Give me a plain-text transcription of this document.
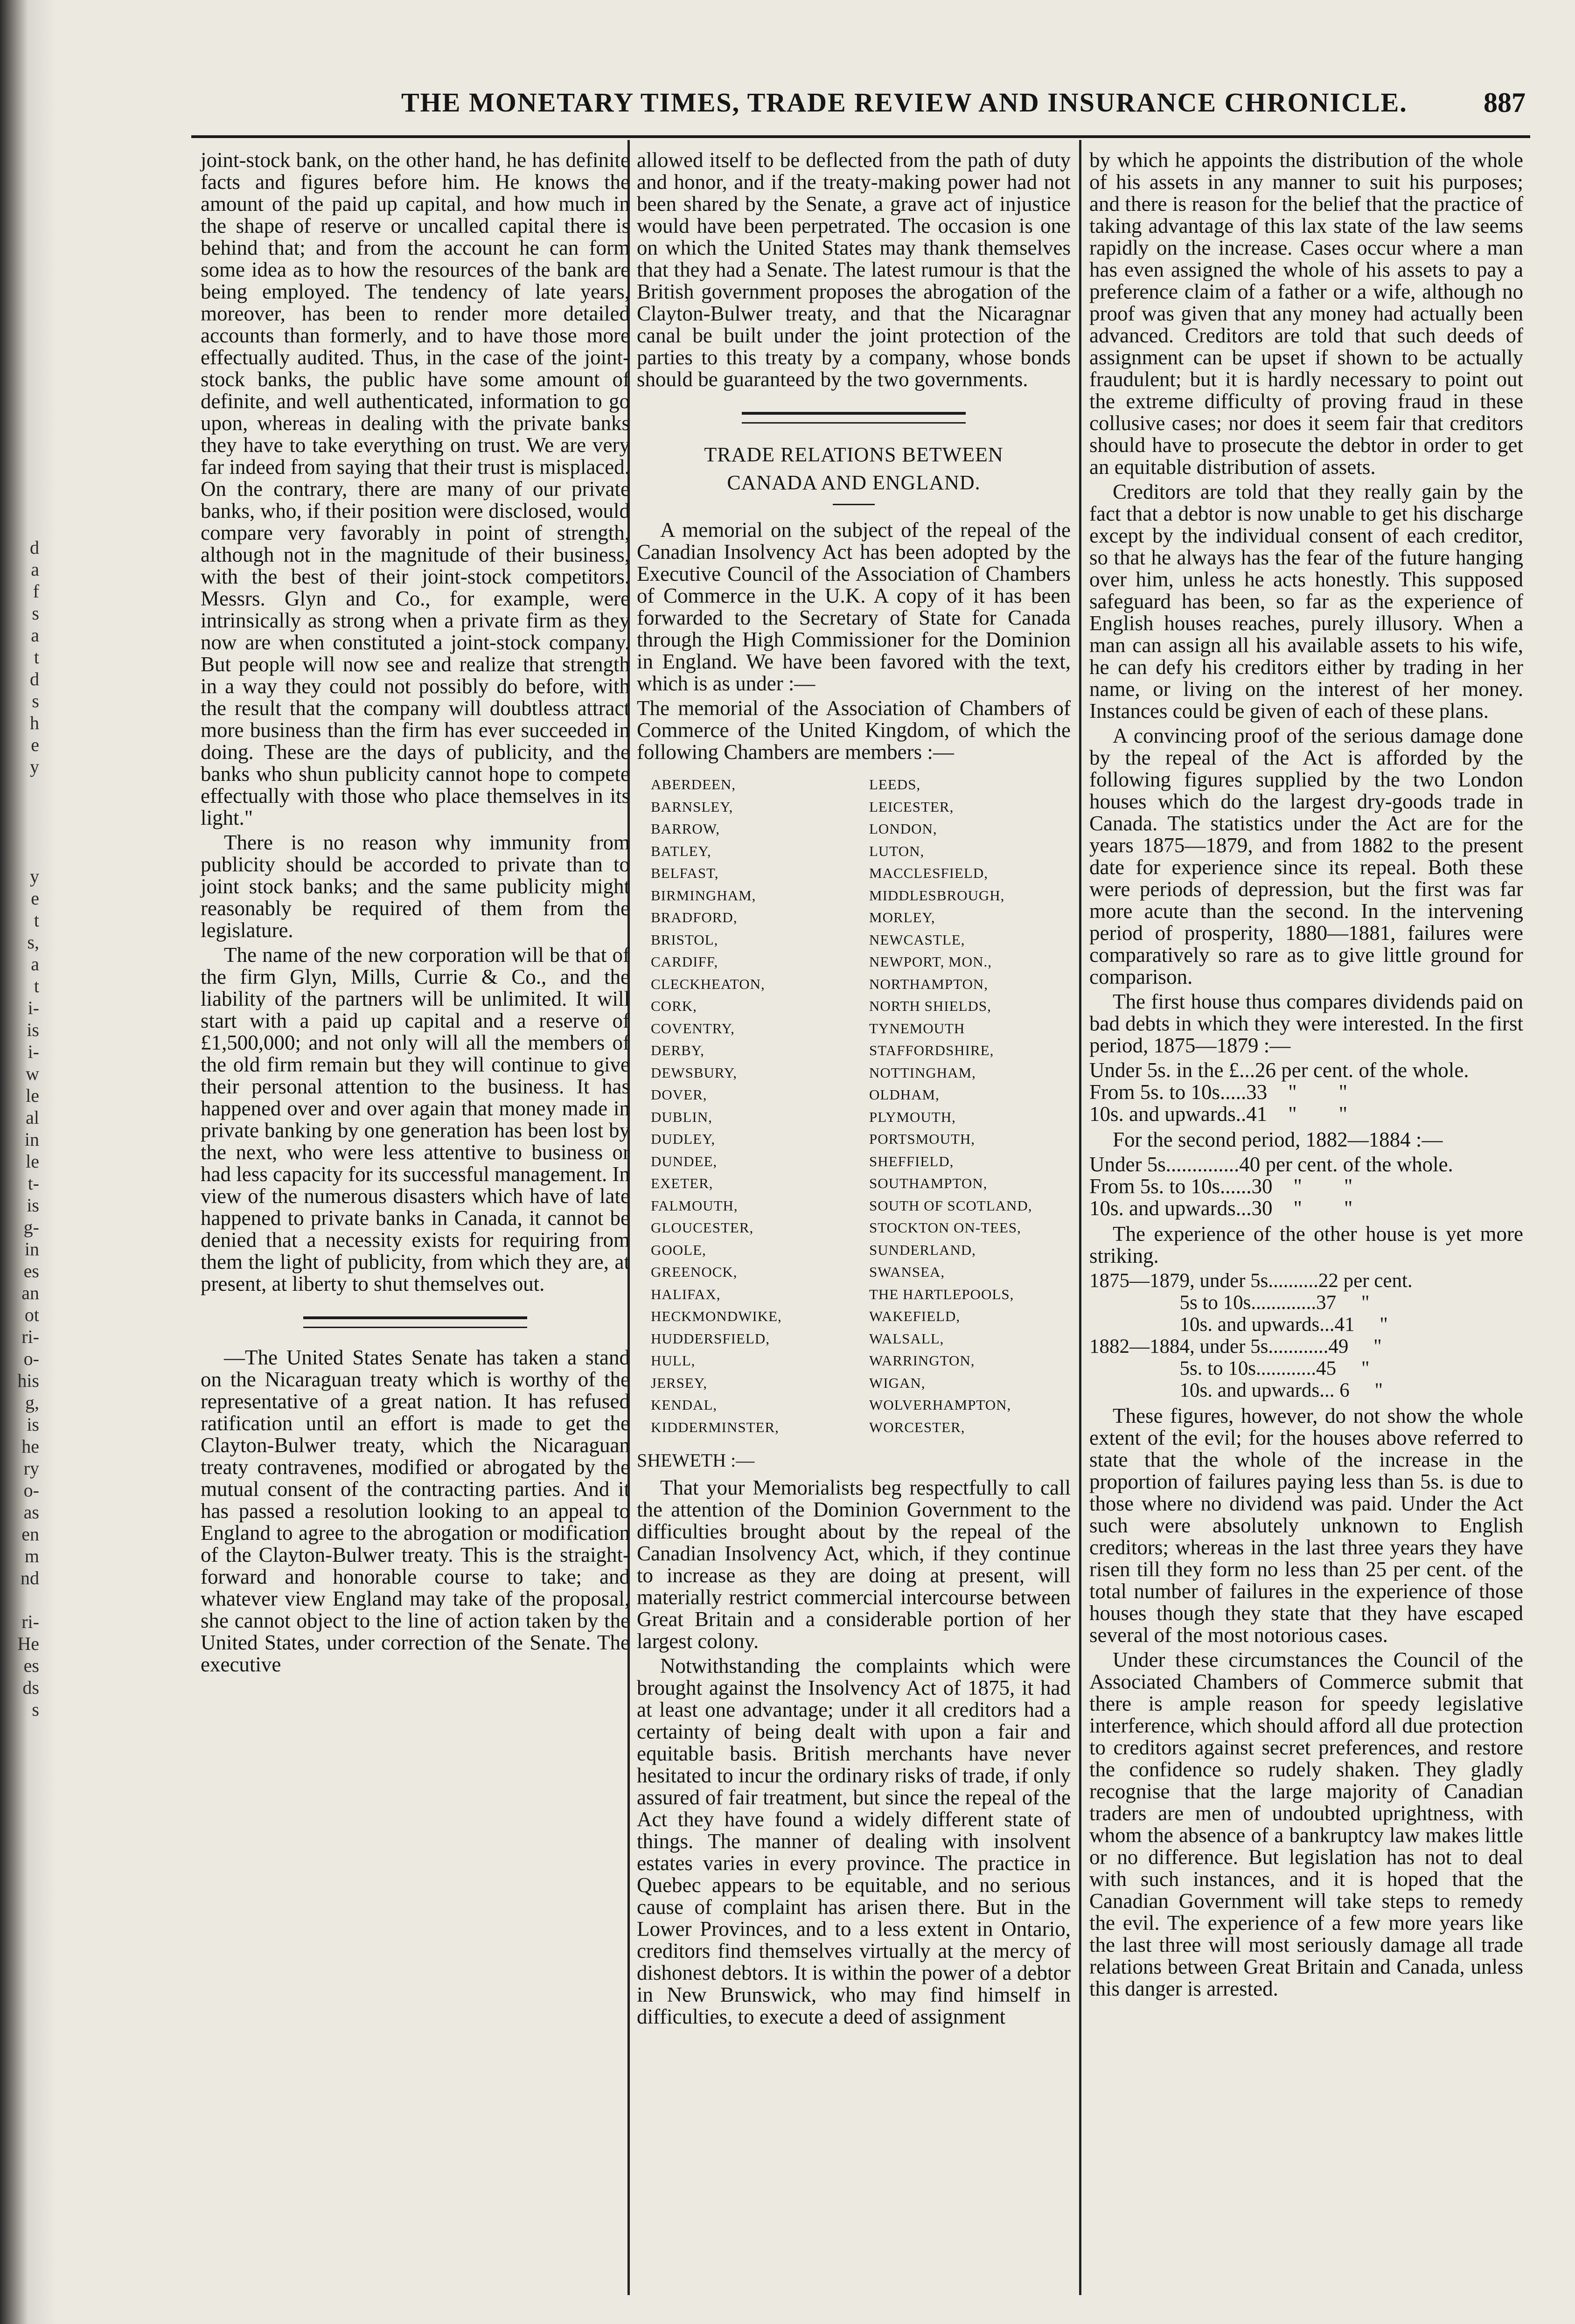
d
a
f
s
a
t
d
s
h
e
y
y
e
t
s,
a
t
i-
is
i-
w
le
al
in
le
t-
is
g-
in
es
an
ot
ri-
o-
his
g,
is
he
ry
o-
as
en
m
nd
ri-
He
es
ds
s
THE MONETARY TIMES, TRADE REVIEW AND INSURANCE CHRONICLE.	887

joint-stock bank, on the other hand, he has definite facts and figures before him. He knows the amount of the paid up capital, and how much in the shape of reserve or uncalled capital there is behind that; and from the account he can form some idea as to how the resources of the bank are being employed. The tendency of late years, moreover, has been to render more detailed accounts than formerly, and to have those more effectually audited. Thus, in the case of the joint-stock banks, the public have some amount of definite, and well authenticated, information to go upon, whereas in dealing with the private banks they have to take everything on trust. We are very far indeed from saying that their trust is misplaced. On the contrary, there are many of our private banks, who, if their position were disclosed, would compare very favorably in point of strength, although not in the magnitude of their business, with the best of their joint-stock competitors. Messrs. Glyn and Co., for example, were intrinsically as strong when a private firm as they now are when constituted a joint-stock company. But people will now see and realize that strength in a way they could not possibly do before, with the result that the company will doubtless attract more business than the firm has ever succeeded in doing. These are the days of publicity, and the banks who shun publicity cannot hope to compete effectually with those who place themselves in its light."

There is no reason why immunity from publicity should be accorded to private than to joint stock banks; and the same publicity might reasonably be required of them from the legislature.

The name of the new corporation will be that of the firm Glyn, Mills, Currie & Co., and the liability of the partners will be unlimited. It will start with a paid up capital and a reserve of £1,500,000; and not only will all the members of the old firm remain but they will continue to give their personal attention to the business. It has happened over and over again that money made in private banking by one generation has been lost by the next, who were less attentive to business or had less capacity for its successful management. In view of the numerous disasters which have of late happened to private banks in Canada, it cannot be denied that a necessity exists for requiring from them the light of publicity, from which they are, at present, at liberty to shut themselves out.

—The United States Senate has taken a stand on the Nicaraguan treaty which is worthy of the representative of a great nation. It has refused ratification until an effort is made to get the Clayton-Bulwer treaty, which the Nicaraguan treaty contravenes, modified or abrogated by the mutual consent of the contracting parties. And it has passed a resolution looking to an appeal to England to agree to the abrogation or modification of the Clayton-Bulwer treaty. This is the straight-forward and honorable course to take; and whatever view England may take of the proposal, she cannot object to the line of action taken by the United States, under correction of the Senate. The executive

allowed itself to be deflected from the path of duty and honor, and if the treaty-making power had not been shared by the Senate, a grave act of injustice would have been perpetrated. The occasion is one on which the United States may thank themselves that they had a Senate. The latest rumour is that the British government proposes the abrogation of the Clayton-Bulwer treaty, and that the Nicaragnar canal be built under the joint protection of the parties to this treaty by a company, whose bonds should be guaranteed by the two governments.

TRADE RELATIONS BETWEEN
CANADA AND ENGLAND.

A memorial on the subject of the repeal of the Canadian Insolvency Act has been adopted by the Executive Council of the Association of Chambers of Commerce in the U.K. A copy of it has been forwarded to the Secretary of State for Canada through the High Commissioner for the Dominion in England. We have been favored with the text, which is as under :—

The memorial of the Association of Chambers of Commerce of the United Kingdom, of which the following Chambers are members :—

ABERDEEN,
BARNSLEY,
BARROW,
BATLEY,
BELFAST,
BIRMINGHAM,
BRADFORD,
BRISTOL,
CARDIFF,
CLECKHEATON,
CORK,
COVENTRY,
DERBY,
DEWSBURY,
DOVER,
DUBLIN,
DUDLEY,
DUNDEE,
EXETER,
FALMOUTH,
GLOUCESTER,
GOOLE,
GREENOCK,
HALIFAX,
HECKMONDWIKE,
HUDDERSFIELD,
HULL,
JERSEY,
KENDAL,
KIDDERMINSTER,
LEEDS,
LEICESTER,
LONDON,
LUTON,
MACCLESFIELD,
MIDDLESBROUGH,
MORLEY,
NEWCASTLE,
NEWPORT, MON.,
NORTHAMPTON,
NORTH SHIELDS,
TYNEMOUTH
STAFFORDSHIRE,
NOTTINGHAM,
OLDHAM,
PLYMOUTH,
PORTSMOUTH,
SHEFFIELD,
SOUTHAMPTON,
SOUTH OF SCOTLAND,
STOCKTON ON-TEES,
SUNDERLAND,
SWANSEA,
THE HARTLEPOOLS,
WAKEFIELD,
WALSALL,
WARRINGTON,
WIGAN,
WOLVERHAMPTON,
WORCESTER,
SHEWETH :—

That your Memorialists beg respectfully to call the attention of the Dominion Government to the difficulties brought about by the repeal of the Canadian Insolvency Act, which, if they continue to increase as they are doing at present, will materially restrict commercial intercourse between Great Britain and a considerable portion of her largest colony.

Notwithstanding the complaints which were brought against the Insolvency Act of 1875, it had at least one advantage; under it all creditors had a certainty of being dealt with upon a fair and equitable basis. British merchants have never hesitated to incur the ordinary risks of trade, if only assured of fair treatment, but since the repeal of the Act they have found a widely different state of things. The manner of dealing with insolvent estates varies in every province. The practice in Quebec appears to be equitable, and no serious cause of complaint has arisen there. But in the Lower Provinces, and to a less extent in Ontario, creditors find themselves virtually at the mercy of dishonest debtors. It is within the power of a debtor in New Brunswick, who may find himself in difficulties, to execute a deed of assignment

by which he appoints the distribution of the whole of his assets in any manner to suit his purposes; and there is reason for the belief that the practice of taking advantage of this lax state of the law seems rapidly on the increase. Cases occur where a man has even assigned the whole of his assets to pay a preference claim of a father or a wife, although no proof was given that any money had actually been advanced. Creditors are told that such deeds of assignment can be upset if shown to be actually fraudulent; but it is hardly necessary to point out the extreme difficulty of proving fraud in these collusive cases; nor does it seem fair that creditors should have to prosecute the debtor in order to get an equitable distribution of assets.

Creditors are told that they really gain by the fact that a debtor is now unable to get his discharge except by the individual consent of each creditor, so that he always has the fear of the future hanging over him, unless he acts honestly. This supposed safeguard has been, so far as the experience of English houses reaches, purely illusory. When a man can assign all his available assets to his wife, he can defy his creditors either by trading in her name, or living on the interest of her money. Instances could be given of each of these plans.

A convincing proof of the serious damage done by the repeal of the Act is afforded by the following figures supplied by the two London houses which do the largest dry-goods trade in Canada. The statistics under the Act are for the years 1875—1879, and from 1882 to the present date for experience since its repeal. Both these were periods of depression, but the first was far more acute than the second. In the intervening period of prosperity, 1880—1881, failures were comparatively so rare as to give little ground for comparison.

The first house thus compares dividends paid on bad debts in which they were interested. In the first period, 1875—1879 :—

Under 5s. in the £...26 per cent. of the whole.
From 5s. to 10s.....33    "        "
10s. and upwards..41    "        "

For the second period, 1882—1884 :—

Under 5s..............40 per cent. of the whole.
From 5s. to 10s......30    "        "
10s. and upwards...30    "        "

The experience of the other house is yet more striking.

1875—1879, under 5s..........22 per cent.
5s to 10s.............37     "
10s. and upwards...41     "
1882—1884, under 5s............49     "
5s. to 10s............45     "
10s. and upwards... 6     "

These figures, however, do not show the whole extent of the evil; for the houses above referred to state that the whole of the increase in the proportion of failures paying less than 5s. is due to those where no dividend was paid. Under the Act such were absolutely unknown to English creditors; whereas in the last three years they have risen till they form no less than 25 per cent. of the total number of failures in the experience of those houses though they state that they have escaped several of the most notorious cases.

Under these circumstances the Council of the Associated Chambers of Commerce submit that there is ample reason for speedy legislative interference, which should afford all due protection to creditors against secret preferences, and restore the confidence so rudely shaken. They gladly recognise that the large majority of Canadian traders are men of undoubted uprightness, with whom the absence of a bankruptcy law makes little or no difference. But legislation has not to deal with such instances, and it is hoped that the Canadian Government will take steps to remedy the evil. The experience of a few more years like the last three will most seriously damage all trade relations between Great Britain and Canada, unless this danger is arrested.
